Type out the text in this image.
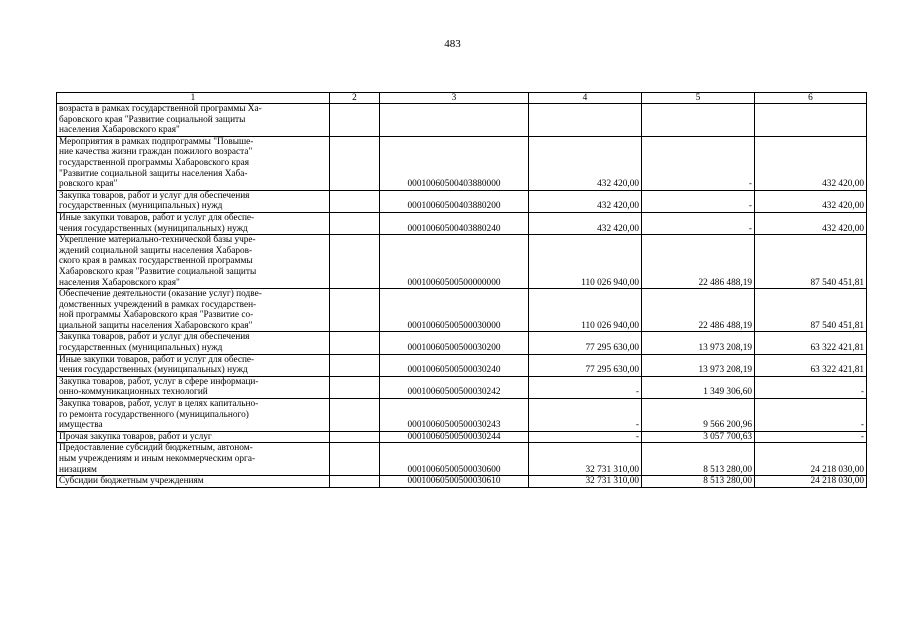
483
1	2	3	4	5	6

возраста в рамках государственной программы Ха-
баровского края "Развитие социальной защиты
населения Хабаровского края"					

Мероприятия в рамках подпрограммы "Повыше-
ние качества жизни граждан пожилого возраста"
государственной программы Хабаровского края
"Развитие социальной защиты населения Хаба-
ровского края"		00010060500403880000	432 420,00	-	432 420,00

Закупка товаров, работ и услуг для обеспечения
государственных (муниципальных) нужд		00010060500403880200	432 420,00	-	432 420,00

Иные закупки товаров, работ и услуг для обеспе-
чения государственных (муниципальных) нужд		00010060500403880240	432 420,00	-	432 420,00

Укрепление материально-технической базы учре-
ждений социальной защиты населения Хабаров-
ского края в рамках государственной программы
Хабаровского края "Развитие социальной защиты
населения Хабаровского края"		00010060500500000000	110 026 940,00	22 486 488,19	87 540 451,81

Обеспечение деятельности (оказание услуг) подве-
домственных учреждений в рамках государствен-
ной программы Хабаровского края "Развитие со-
циальной защиты населения Хабаровского края"		00010060500500030000	110 026 940,00	22 486 488,19	87 540 451,81

Закупка товаров, работ и услуг для обеспечения
государственных (муниципальных) нужд		00010060500500030200	77 295 630,00	13 973 208,19	63 322 421,81

Иные закупки товаров, работ и услуг для обеспе-
чения государственных (муниципальных) нужд		00010060500500030240	77 295 630,00	13 973 208,19	63 322 421,81

Закупка товаров, работ, услуг в сфере информаци-
онно-коммуникационных технологий		00010060500500030242	-	1 349 306,60	-

Закупка товаров, работ, услуг в целях капитально-
го ремонта государственного (муниципального)
имущества		00010060500500030243	-	9 566 200,96	-

Прочая закупка товаров, работ и услуг		00010060500500030244	-	3 057 700,63	-

Предоставление субсидий бюджетным, автоном-
ным учреждениям и иным некоммерческим орга-
низациям		00010060500500030600	32 731 310,00	8 513 280,00	24 218 030,00

Субсидии бюджетным учреждениям		00010060500500030610	32 731 310,00	8 513 280,00	24 218 030,00
